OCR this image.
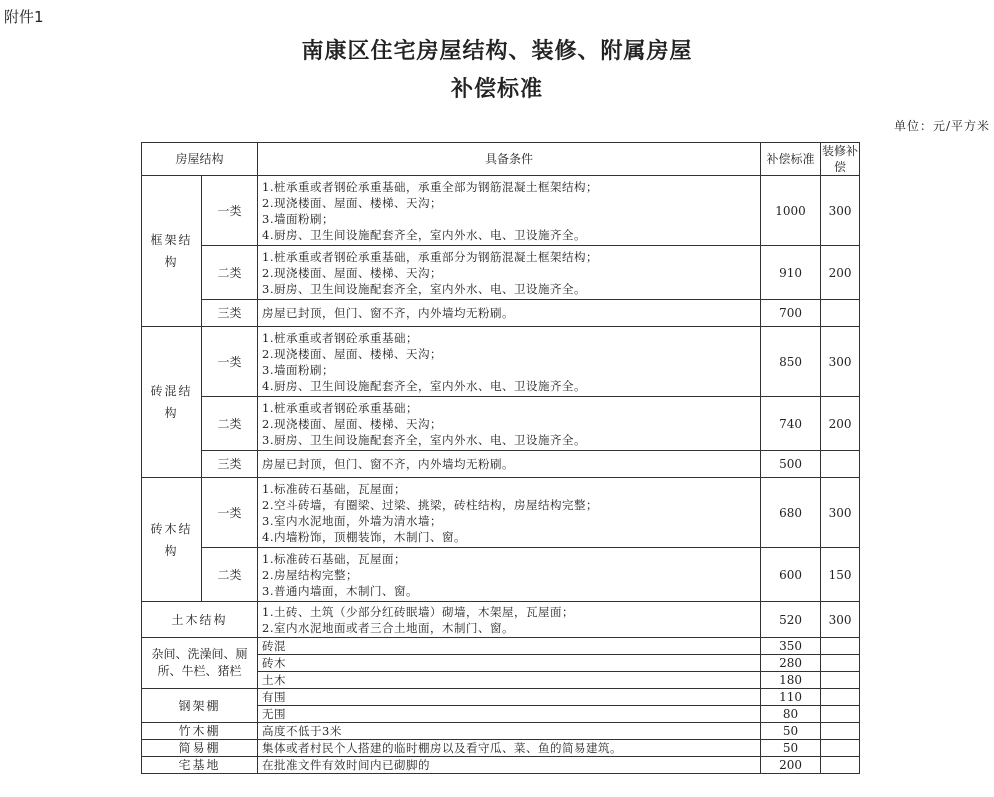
附件1
南康区住宅房屋结构、装修、附属房屋
补偿标准
单位：元/平方米
房屋结构		具备条件	补偿标准	装修补偿
框架结构	一类	1.桩承重或者钢砼承重基础，承重全部为钢筋混凝土框架结构；
2.现浇楼面、屋面、楼梯、天沟；
3.墙面粉刷；
4.厨房、卫生间设施配套齐全，室内外水、电、卫设施齐全。	1000	300
	二类	1.桩承重或者钢砼承重基础，承重部分为钢筋混凝土框架结构；
2.现浇楼面、屋面、楼梯、天沟；
3.厨房、卫生间设施配套齐全，室内外水、电、卫设施齐全。	910	200
	三类	房屋已封顶，但门、窗不齐，内外墙均无粉刷。	700	
砖混结构	一类	1.桩承重或者钢砼承重基础；
2.现浇楼面、屋面、楼梯、天沟；
3.墙面粉刷；
4.厨房、卫生间设施配套齐全，室内外水、电、卫设施齐全。	850	300
	二类	1.桩承重或者钢砼承重基础；
2.现浇楼面、屋面、楼梯、天沟；
3.厨房、卫生间设施配套齐全，室内外水、电、卫设施齐全。	740	200
	三类	房屋已封顶，但门、窗不齐，内外墙均无粉刷。	500	
砖木结构	一类	1.标准砖石基础，瓦屋面；
2.空斗砖墙，有圈梁、过梁、挑梁，砖柱结构，房屋结构完整；
3.室内水泥地面，外墙为清水墙；
4.内墙粉饰，顶棚装饰，木制门、窗。	680	300
	二类	1.标准砖石基础，瓦屋面；
2.房屋结构完整；
3.普通内墙面，木制门、窗。	600	150
土木结构		1.土砖、土筑（少部分红砖眠墙）砌墙，木架屋，瓦屋面；
2.室内水泥地面或者三合土地面，木制门、窗。	520	300
杂间、洗澡间、厕所、牛栏、猪栏		砖混	350	
		砖木	280	
		土木	180	
钢架棚		有围	110	
		无围	80	
竹木棚		高度不低于3米	50	
简易棚		集体或者村民个人搭建的临时棚房以及看守瓜、菜、鱼的简易建筑。	50	
宅基地		在批准文件有效时间内已砌脚的	200	
